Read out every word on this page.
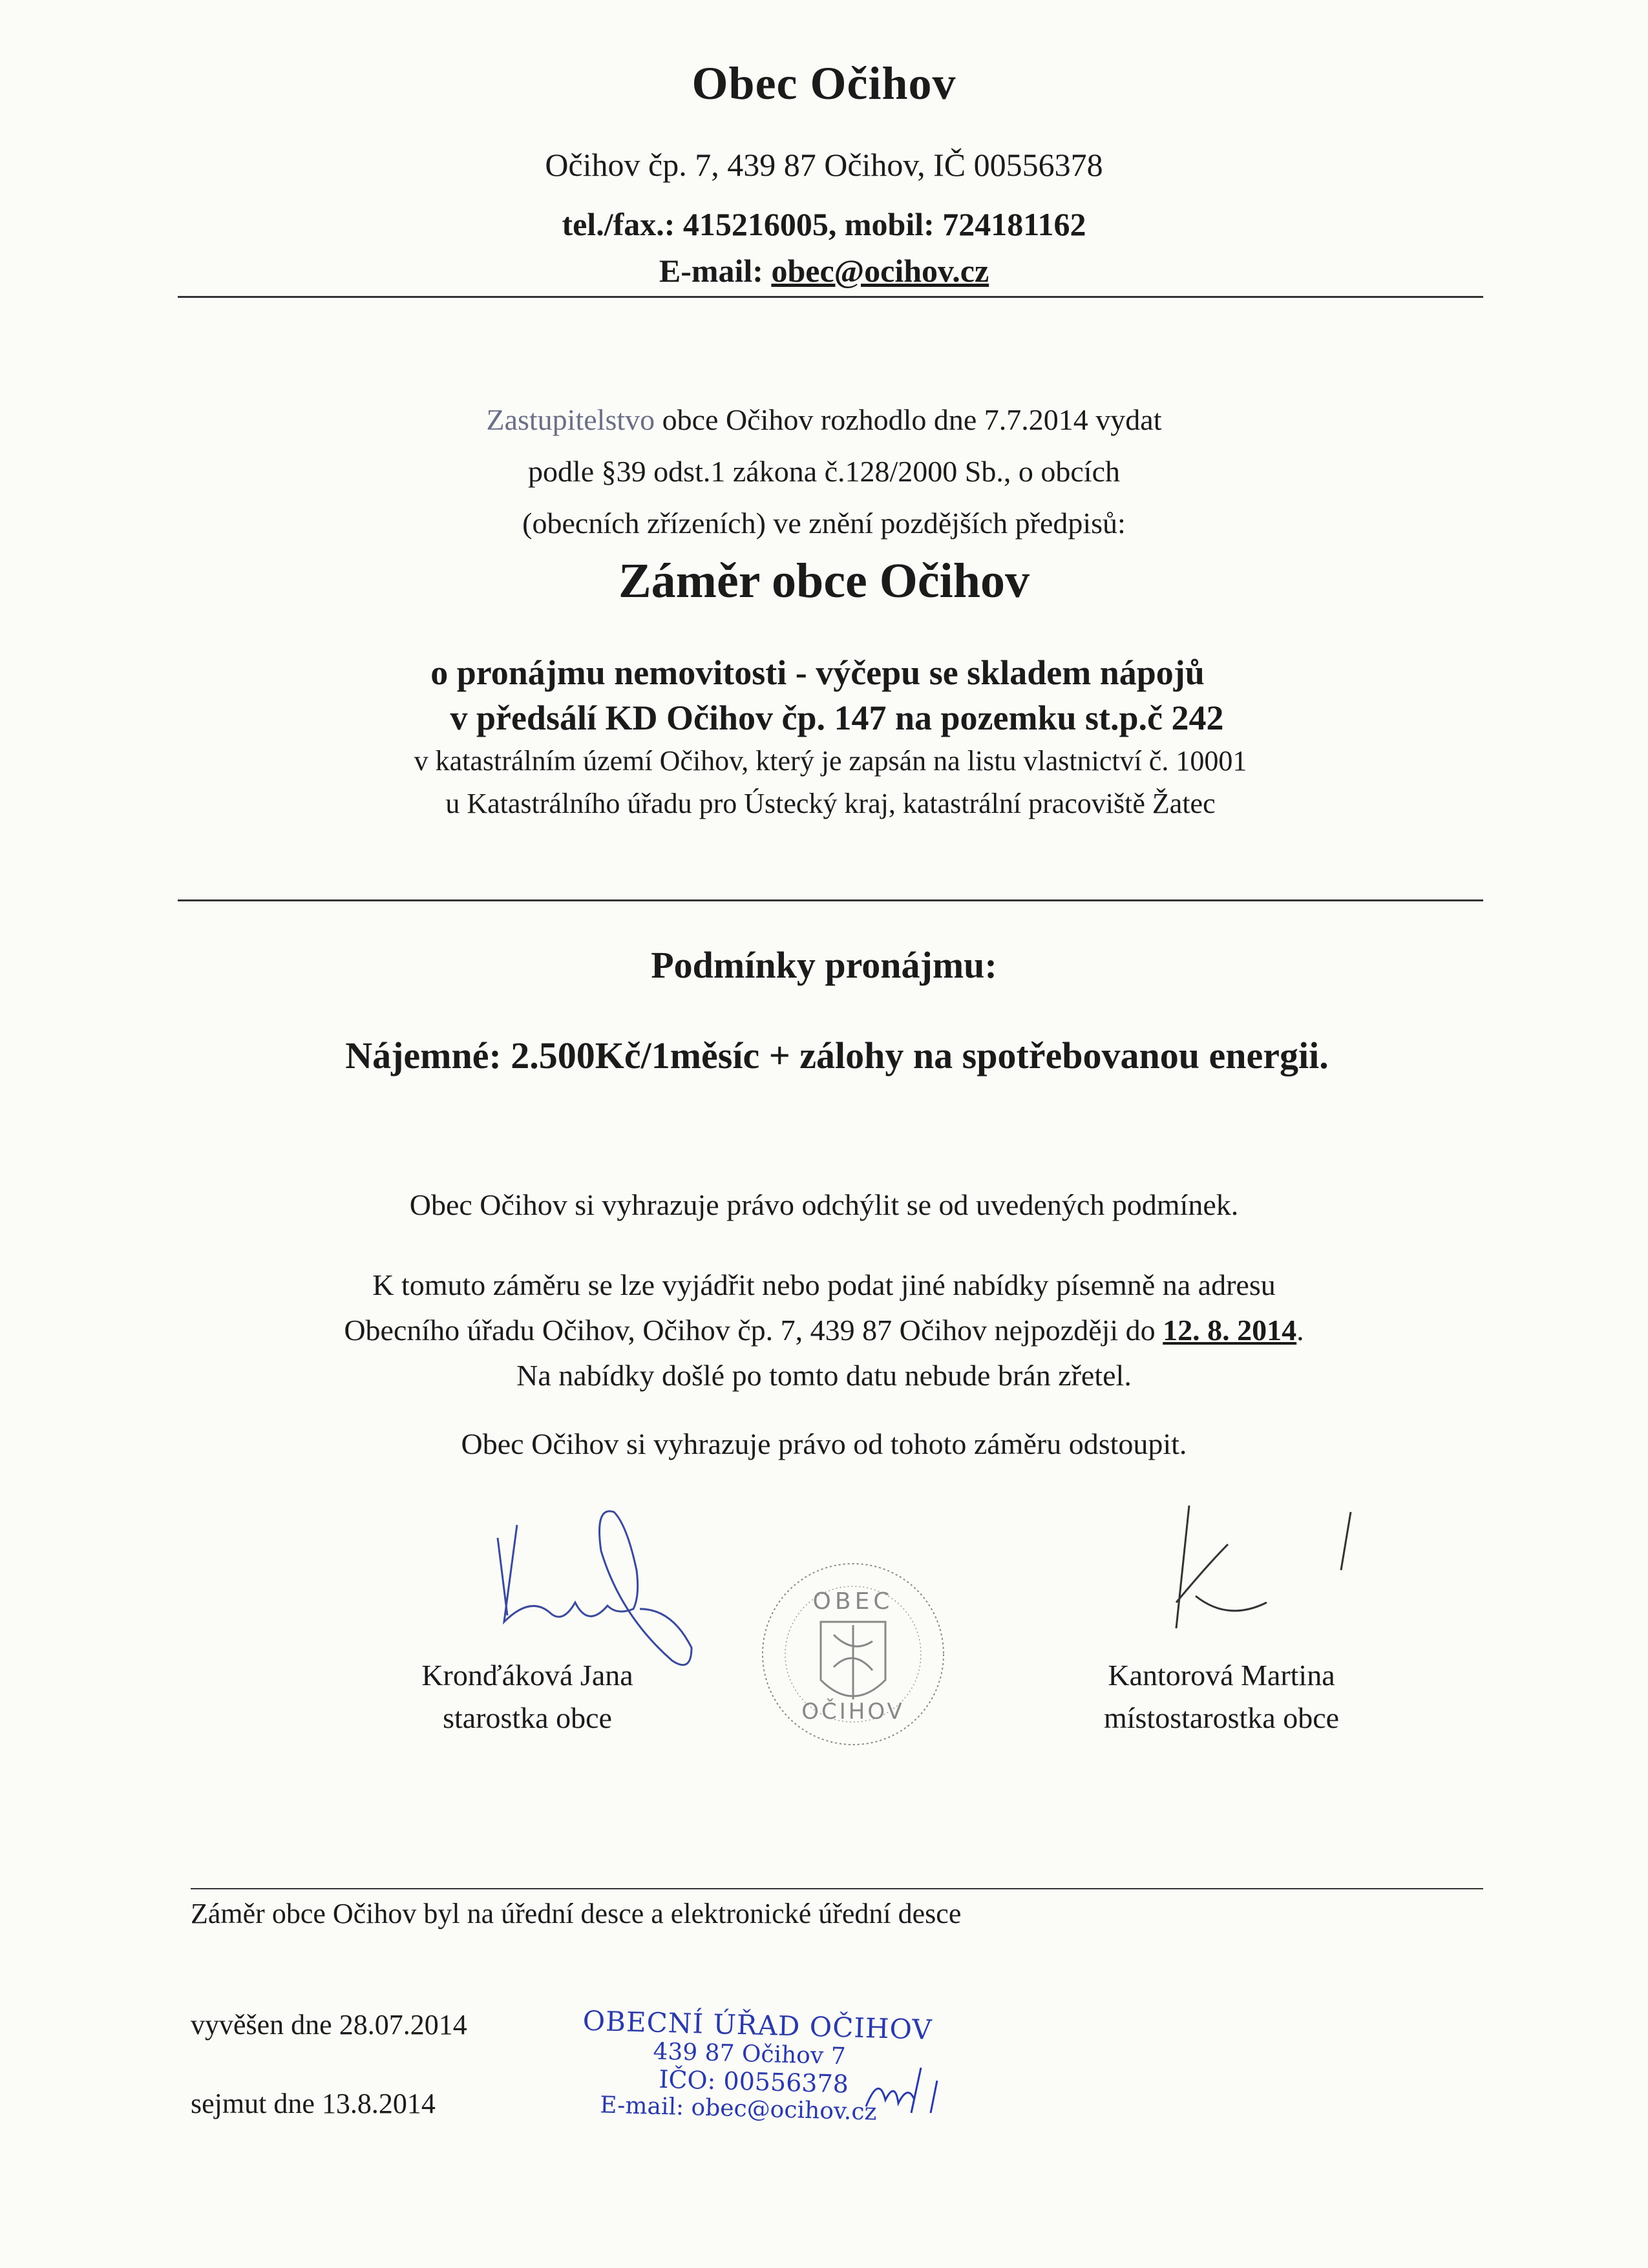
Obec Očihov
Očihov čp. 7, 439 87 Očihov, IČ 00556378
tel./fax.: 415216005, mobil: 724181162
E-mail: obec@ocihov.cz
Zastupitelstvo obce Očihov rozhodlo dne 7.7.2014 vydat
podle §39 odst.1 zákona č.128/2000 Sb., o obcích
(obecních zřízeních) ve znění pozdějších předpisů:
Záměr obce Očihov
o pronájmu nemovitosti - výčepu se skladem nápojů
v předsálí KD Očihov čp. 147 na pozemku st.p.č 242
v katastrálním území Očihov, který je zapsán na listu vlastnictví č. 10001
u Katastrálního úřadu pro Ústecký kraj, katastrální pracoviště Žatec
Podmínky pronájmu:
Nájemné: 2.500Kč/1měsíc + zálohy na spotřebovanou energii.
Obec Očihov si vyhrazuje právo odchýlit se od uvedených podmínek.
K tomuto záměru se lze vyjádřit nebo podat jiné nabídky písemně na adresu
Obecního úřadu Očihov, Očihov čp. 7, 439 87 Očihov nejpozději do 12. 8. 2014.
Na nabídky došlé po tomto datu nebude brán zřetel.
Obec Očihov si vyhrazuje právo od tohoto záměru odstoupit.
Kronďáková Jana
starostka obce
OBEC
OČIHOV
Kantorová Martina
místostarostka obce
Záměr obce Očihov byl na úřední desce a elektronické úřední desce
vyvěšen dne 28.07.2014
sejmut dne 13.8.2014
OBECNÍ ÚŘAD OČIHOV
439 87 Očihov 7
IČO: 00556378
E-mail: obec@ocihov.cz
